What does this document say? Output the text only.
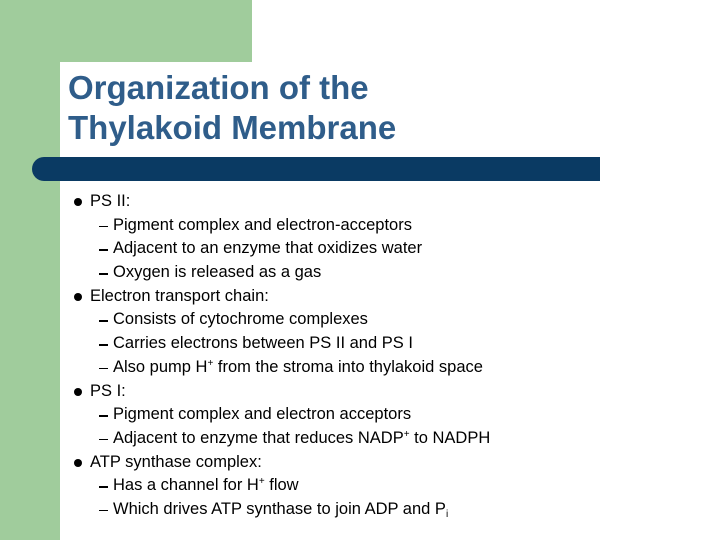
Organization of the
Thylakoid Membrane
PS II:
Pigment complex and electron-acceptors
Adjacent to an enzyme that oxidizes water
Oxygen is released as a gas
Electron transport chain:
Consists of cytochrome complexes
Carries electrons between PS II and PS I
Also pump H+ from the stroma into thylakoid space
PS I:
Pigment complex and electron acceptors
Adjacent to enzyme that reduces NADP+ to NADPH
ATP synthase complex:
Has a channel for H+ flow
Which drives ATP synthase to join ADP and $P_i$
